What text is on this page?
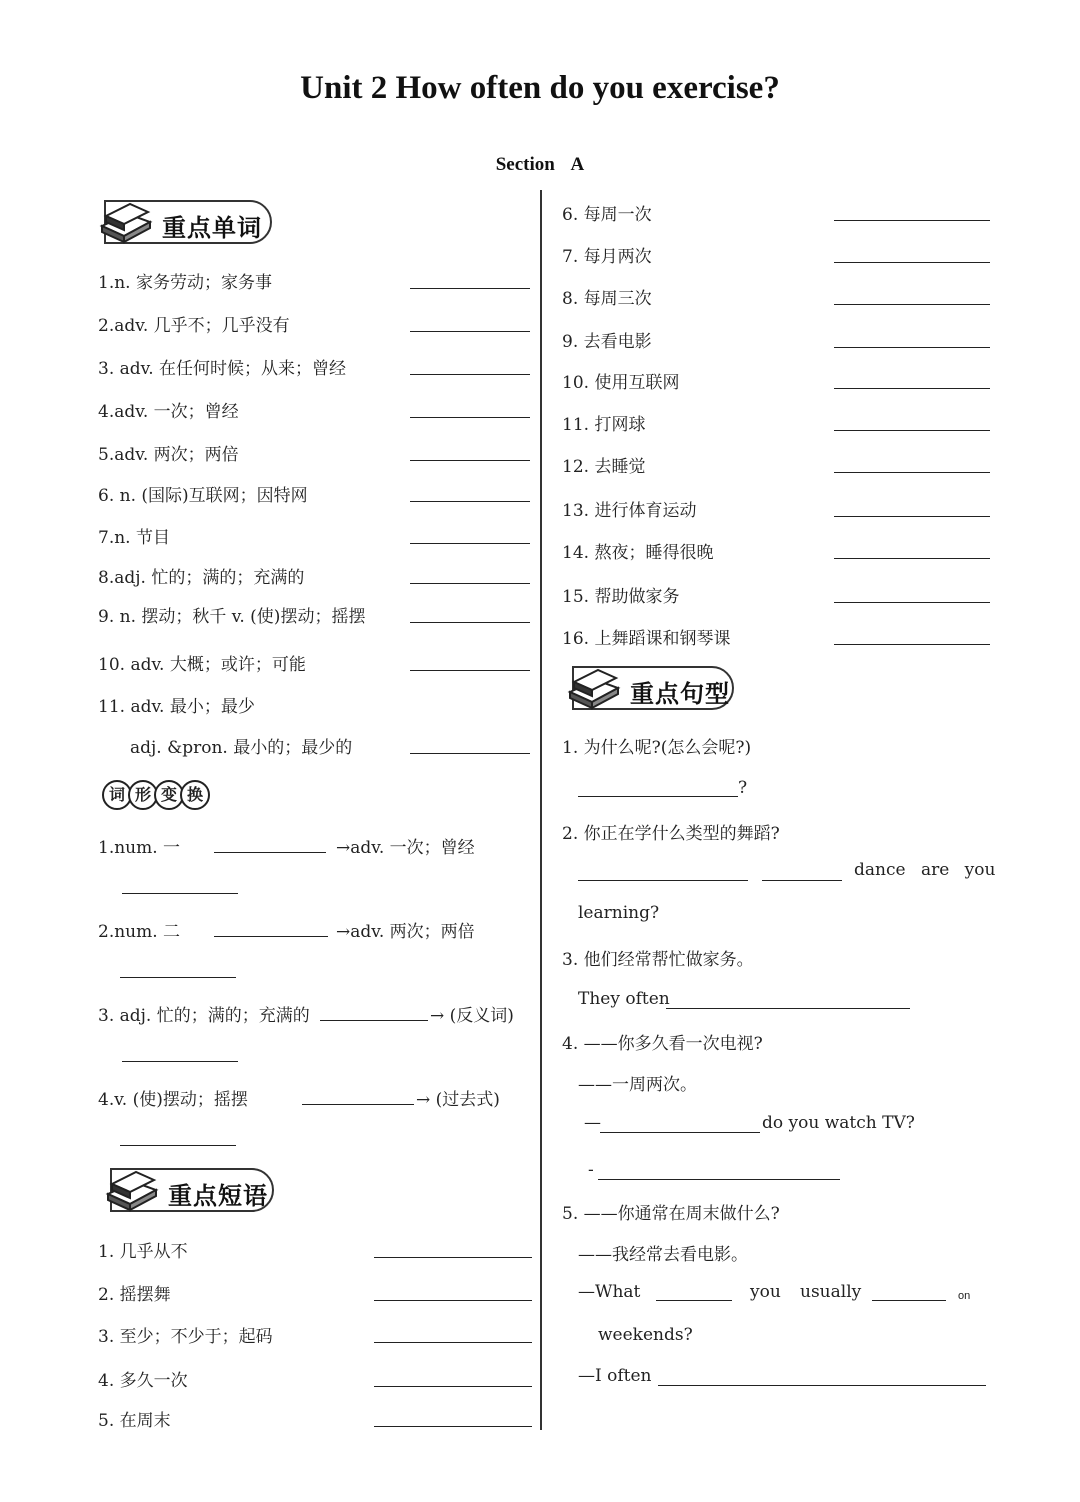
Unit 2 How often do you exercise?
Section A
重点单词
1.n. 家务劳动；家务事
2.adv. 几乎不；几乎没有
3. adv. 在任何时候；从来；曾经
4.adv. 一次；曾经
5.adv. 两次；两倍
6. n. (国际)互联网；因特网
7.n. 节目
8.adj. 忙的；满的；充满的
9. n. 摆动；秋千 v. (使)摆动；摇摆
10. adv. 大概；或许；可能
11. adv. 最小；最少
adj. &pron. 最小的；最少的
词 形 变 换
1.num. 一	→adv. 一次；曾经
2.num. 二	→adv. 两次；两倍
3. adj. 忙的；满的；充满的	→ (反义词)
4.v. (使)摆动；摇摆	→ (过去式)
重点短语
1. 几乎从不
2. 摇摆舞
3. 至少；不少于；起码
4. 多久一次
5. 在周末
6. 每周一次
7. 每月两次
8. 每周三次
9. 去看电影
10. 使用互联网
11. 打网球
12. 去睡觉
13. 进行体育运动
14. 熬夜；睡得很晚
15. 帮助做家务
16. 上舞蹈课和钢琴课
重点句型
1. 为什么呢?(怎么会呢?)
?
2. 你正在学什么类型的舞蹈?
dance are you
learning?
3. 他们经常帮忙做家务。
They often
4. ——你多久看一次电视?
——一周两次。
—	do you watch TV?
-
5. ——你通常在周末做什么?
——我经常去看电影。
—What	you usually	on
weekends?
—I often
